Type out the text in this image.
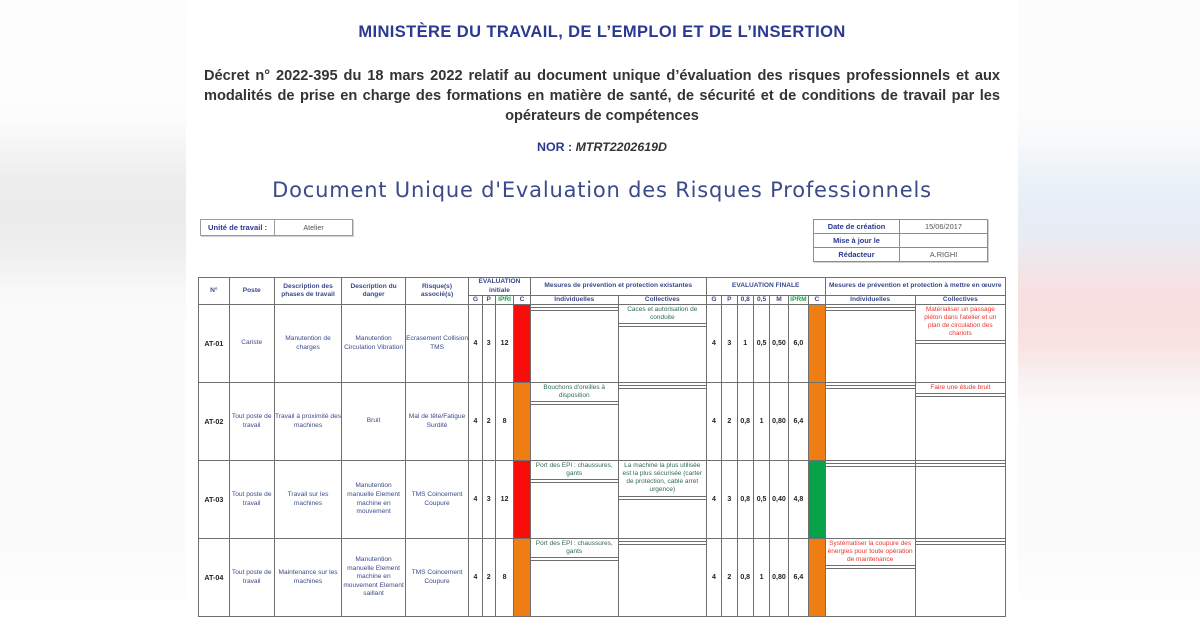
MINISTÈRE DU TRAVAIL, DE L’EMPLOI ET DE L’INSERTION
Décret n° 2022-395 du 18 mars 2022 relatif au document unique d’évaluation des risques professionnels et aux modalités de prise en charge des formations en matière de santé, de sécurité et de conditions de travail par les opérateurs de compétences
NOR : MTRT2202619D
Document Unique d'Evaluation des Risques Professionnels
Unité de travail :	Atelier	Date de création	15/06/2017
Mise à jour le	
Rédacteur	A.RIGHI
N°	Poste	Description des phases de travail	Description du danger	Risque(s) associé(s)	EVALUATION initiale				Mesures de prévention et protection existantes		EVALUATION FINALE							Mesures de prévention et protection à mettre en œuvre	
					G	P	IPRI	C	Individuelles	Collectives	G	P	0,8	0,5	M	IPRM	C	Individuelles	Collectives
AT-01	Cariste	Manutention de charges	Manutention Circulation Vibration	Ecrasement Collision TMS	4	3	12	1		Caces et autorisation de conduite	4	3	1	0,5	0,50	6,0	2		Matérialiser un passage piéton dans l'atelier et un plan de circulation des chariots

AT-02	Tout poste de travail	Travail à proximité des machines	Bruit	Mal de tête/Fatigue Surdité	4	2	8	2	Bouchons d'oreilles à disposition		4	2	0,8	1	0,80	6,4	2		Faire une étude bruit

AT-03	Tout poste de travail	Travail sur les machines	Manutention manuelle Element machine en mouvement	TMS Coincement Coupure	4	3	12	1	Port des EPI : chaussures, gants	La machine la plus utilisée est la plus sécurisée (carter de protection, cable arret urgence)	4	3	0,8	0,5	0,40	4,8	3	

AT-04	Tout poste de travail	Maintenance sur les machines	Manutention manuelle Element machine en mouvement Element saillant	TMS Coincement Coupure	4	2	8	2	Port des EPI : chaussures, gants		4	2	0,8	1	0,80	6,4	2	Systématiser la coupure des énergies pour toute opération de maintenance	
